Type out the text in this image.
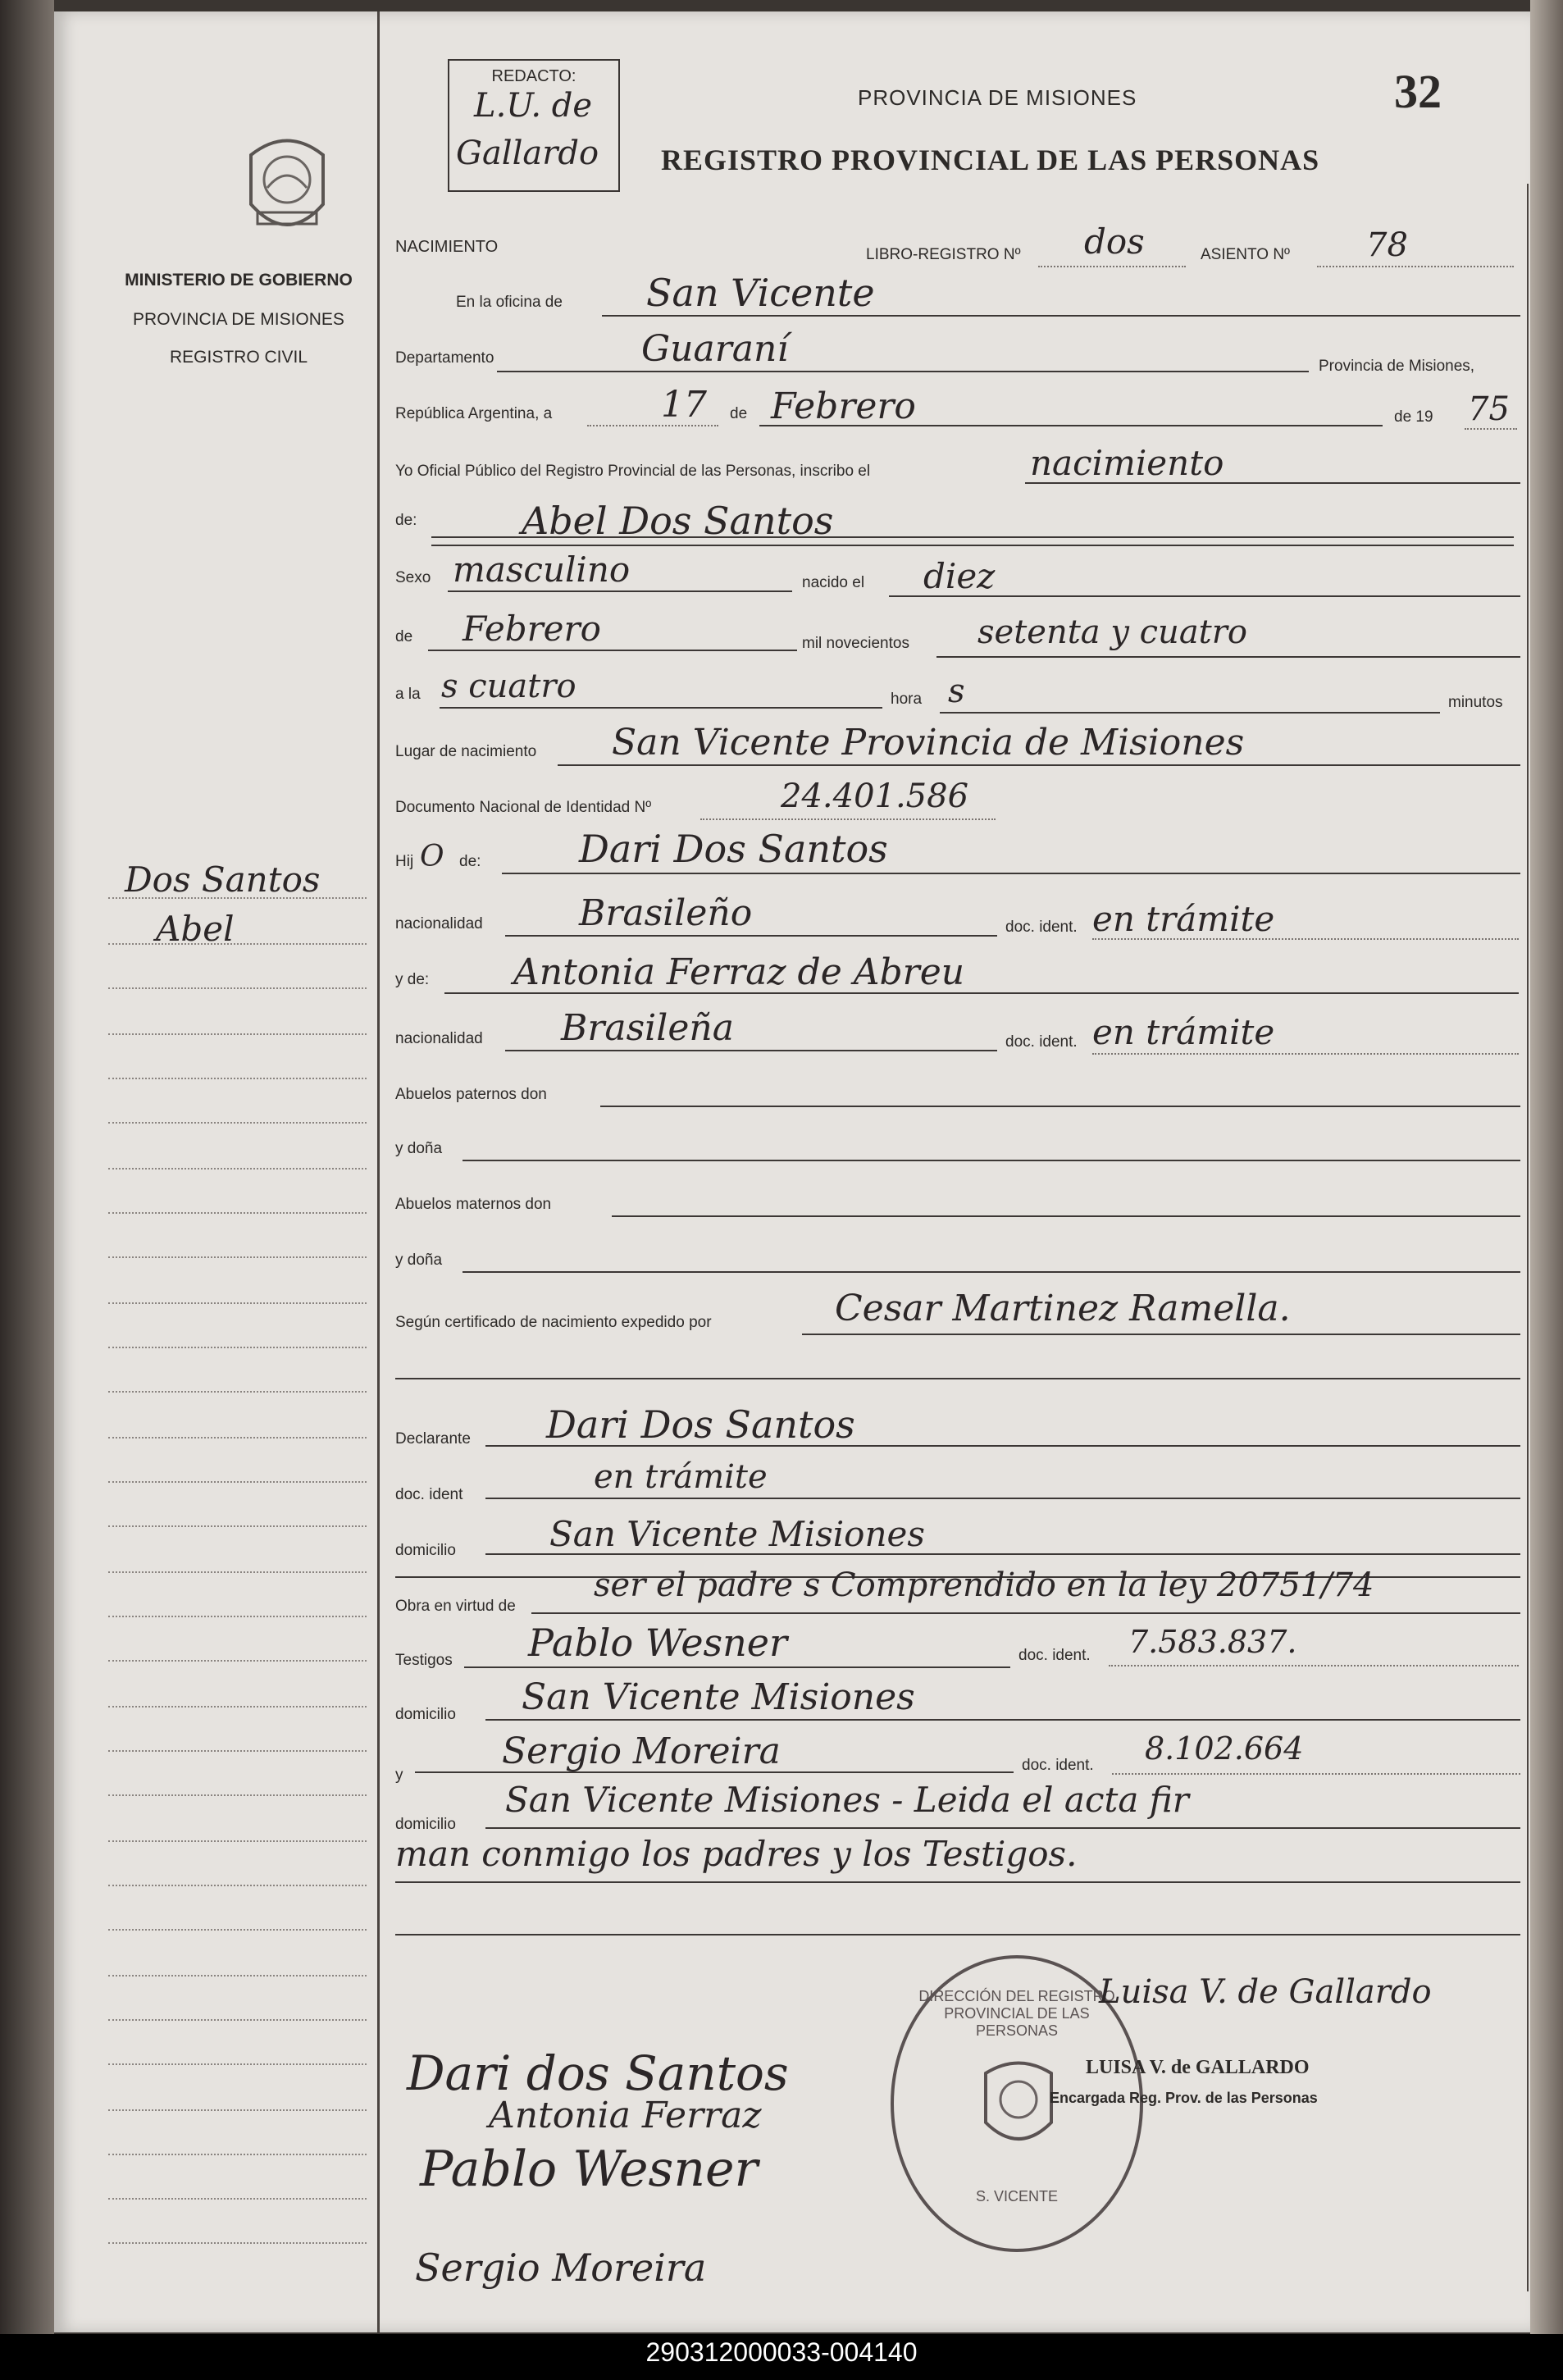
MINISTERIO DE GOBIERNO
PROVINCIA DE MISIONES
REGISTRO CIVIL
Dos Santos
Abel
REDACTO:
L.U. de
Gallardo
PROVINCIA DE MISIONES
REGISTRO PROVINCIAL DE LAS PERSONAS
32
NACIMIENTO	LIBRO-REGISTRO Nº dos	ASIENTO Nº 78
En la oficina de San Vicente
Departamento	Guaraní	Provincia de Misiones,
República Argentina, a	17 de Febrero	de 19 75
Yo Oficial Público del Registro Provincial de las Personas, inscribo el	nacimiento
de:	Abel Dos Santos
Sexo masculino	nacido el diez
de Febrero	mil novecientos setenta y cuatro
a la s cuatro	hora s	minutos
Lugar de nacimiento San Vicente Provincia de Misiones
Documento Nacional de Identidad Nº	24.401.586
Hij O de:	Dari Dos Santos
nacionalidad	Brasileño	doc. ident. en trámite
y de: Antonia Ferraz de Abreu
nacionalidad Brasileña	doc. ident. en trámite
Abuelos paternos don
y doña
Abuelos maternos don
y doña
Según certificado de nacimiento expedido por	Cesar Martinez Ramella.
Declarante Dari Dos Santos
doc. ident	en trámite
domicilio	San Vicente Misiones
Obra en virtud de
ser el padre s Comprendido en la ley 20751/74
Testigos Pablo Wesner	doc. ident. 7.583.837.
domicilio San Vicente Misiones
y
Sergio Moreira	doc. ident. 8.102.664
domicilio
San Vicente Misiones - Leida el acta fir
man conmigo los padres y los Testigos.
DIRECCIÓN DEL REGISTRO PROVINCIAL DE LAS PERSONAS
S. VICENTE
Luisa V. de Gallardo
LUISA V. de GALLARDO
Encargada Reg. Prov. de las Personas
Dari dos Santos
Antonia Ferraz
Pablo Wesner
Sergio Moreira
290312000033-004140
